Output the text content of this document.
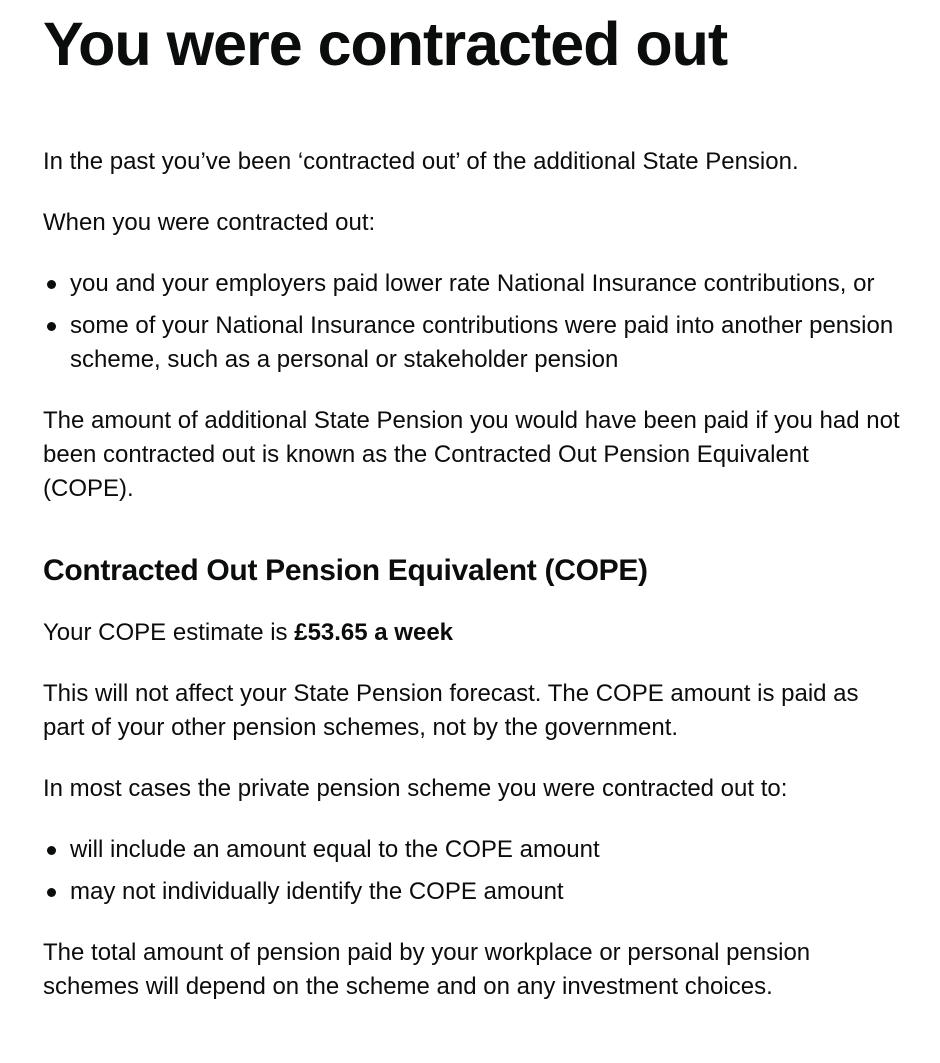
You were contracted out

In the past you’ve been ‘contracted out’ of the additional State Pension.

When you were contracted out:

you and your employers paid lower rate National Insurance contributions, or
some of your National Insurance contributions were paid into another pension scheme, such as a personal or stakeholder pension

The amount of additional State Pension you would have been paid if you had not been contracted out is known as the Contracted Out Pension Equivalent (COPE).

Contracted Out Pension Equivalent (COPE)

Your COPE estimate is £53.65 a week

This will not affect your State Pension forecast. The COPE amount is paid as part of your other pension schemes, not by the government.

In most cases the private pension scheme you were contracted out to:

will include an amount equal to the COPE amount
may not individually identify the COPE amount

The total amount of pension paid by your workplace or personal pension schemes will depend on the scheme and on any investment choices.
